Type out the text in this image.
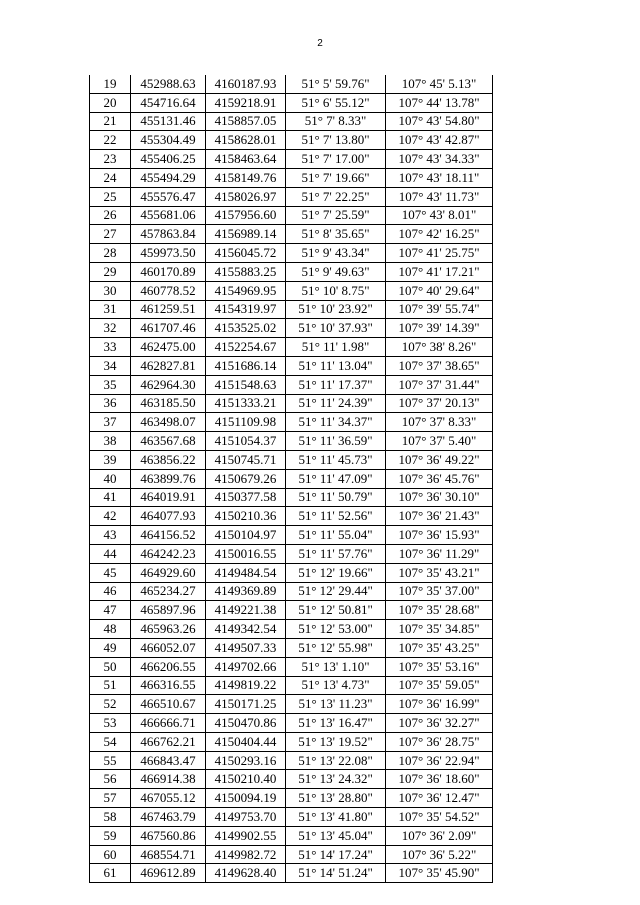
2
19	452988.63	4160187.93	51° 5' 59.76"	107° 45' 5.13"
20	454716.64	4159218.91	51° 6' 55.12"	107° 44' 13.78"
21	455131.46	4158857.05	51° 7' 8.33"	107° 43' 54.80"
22	455304.49	4158628.01	51° 7' 13.80"	107° 43' 42.87"
23	455406.25	4158463.64	51° 7' 17.00"	107° 43' 34.33"
24	455494.29	4158149.76	51° 7' 19.66"	107° 43' 18.11"
25	455576.47	4158026.97	51° 7' 22.25"	107° 43' 11.73"
26	455681.06	4157956.60	51° 7' 25.59"	107° 43' 8.01"
27	457863.84	4156989.14	51° 8' 35.65"	107° 42' 16.25"
28	459973.50	4156045.72	51° 9' 43.34"	107° 41' 25.75"
29	460170.89	4155883.25	51° 9' 49.63"	107° 41' 17.21"
30	460778.52	4154969.95	51° 10' 8.75"	107° 40' 29.64"
31	461259.51	4154319.97	51° 10' 23.92"	107° 39' 55.74"
32	461707.46	4153525.02	51° 10' 37.93"	107° 39' 14.39"
33	462475.00	4152254.67	51° 11' 1.98"	107° 38' 8.26"
34	462827.81	4151686.14	51° 11' 13.04"	107° 37' 38.65"
35	462964.30	4151548.63	51° 11' 17.37"	107° 37' 31.44"
36	463185.50	4151333.21	51° 11' 24.39"	107° 37' 20.13"
37	463498.07	4151109.98	51° 11' 34.37"	107° 37' 8.33"
38	463567.68	4151054.37	51° 11' 36.59"	107° 37' 5.40"
39	463856.22	4150745.71	51° 11' 45.73"	107° 36' 49.22"
40	463899.76	4150679.26	51° 11' 47.09"	107° 36' 45.76"
41	464019.91	4150377.58	51° 11' 50.79"	107° 36' 30.10"
42	464077.93	4150210.36	51° 11' 52.56"	107° 36' 21.43"
43	464156.52	4150104.97	51° 11' 55.04"	107° 36' 15.93"
44	464242.23	4150016.55	51° 11' 57.76"	107° 36' 11.29"
45	464929.60	4149484.54	51° 12' 19.66"	107° 35' 43.21"
46	465234.27	4149369.89	51° 12' 29.44"	107° 35' 37.00"
47	465897.96	4149221.38	51° 12' 50.81"	107° 35' 28.68"
48	465963.26	4149342.54	51° 12' 53.00"	107° 35' 34.85"
49	466052.07	4149507.33	51° 12' 55.98"	107° 35' 43.25"
50	466206.55	4149702.66	51° 13' 1.10"	107° 35' 53.16"
51	466316.55	4149819.22	51° 13' 4.73"	107° 35' 59.05"
52	466510.67	4150171.25	51° 13' 11.23"	107° 36' 16.99"
53	466666.71	4150470.86	51° 13' 16.47"	107° 36' 32.27"
54	466762.21	4150404.44	51° 13' 19.52"	107° 36' 28.75"
55	466843.47	4150293.16	51° 13' 22.08"	107° 36' 22.94"
56	466914.38	4150210.40	51° 13' 24.32"	107° 36' 18.60"
57	467055.12	4150094.19	51° 13' 28.80"	107° 36' 12.47"
58	467463.79	4149753.70	51° 13' 41.80"	107° 35' 54.52"
59	467560.86	4149902.55	51° 13' 45.04"	107° 36' 2.09"
60	468554.71	4149982.72	51° 14' 17.24"	107° 36' 5.22"
61	469612.89	4149628.40	51° 14' 51.24"	107° 35' 45.90"
